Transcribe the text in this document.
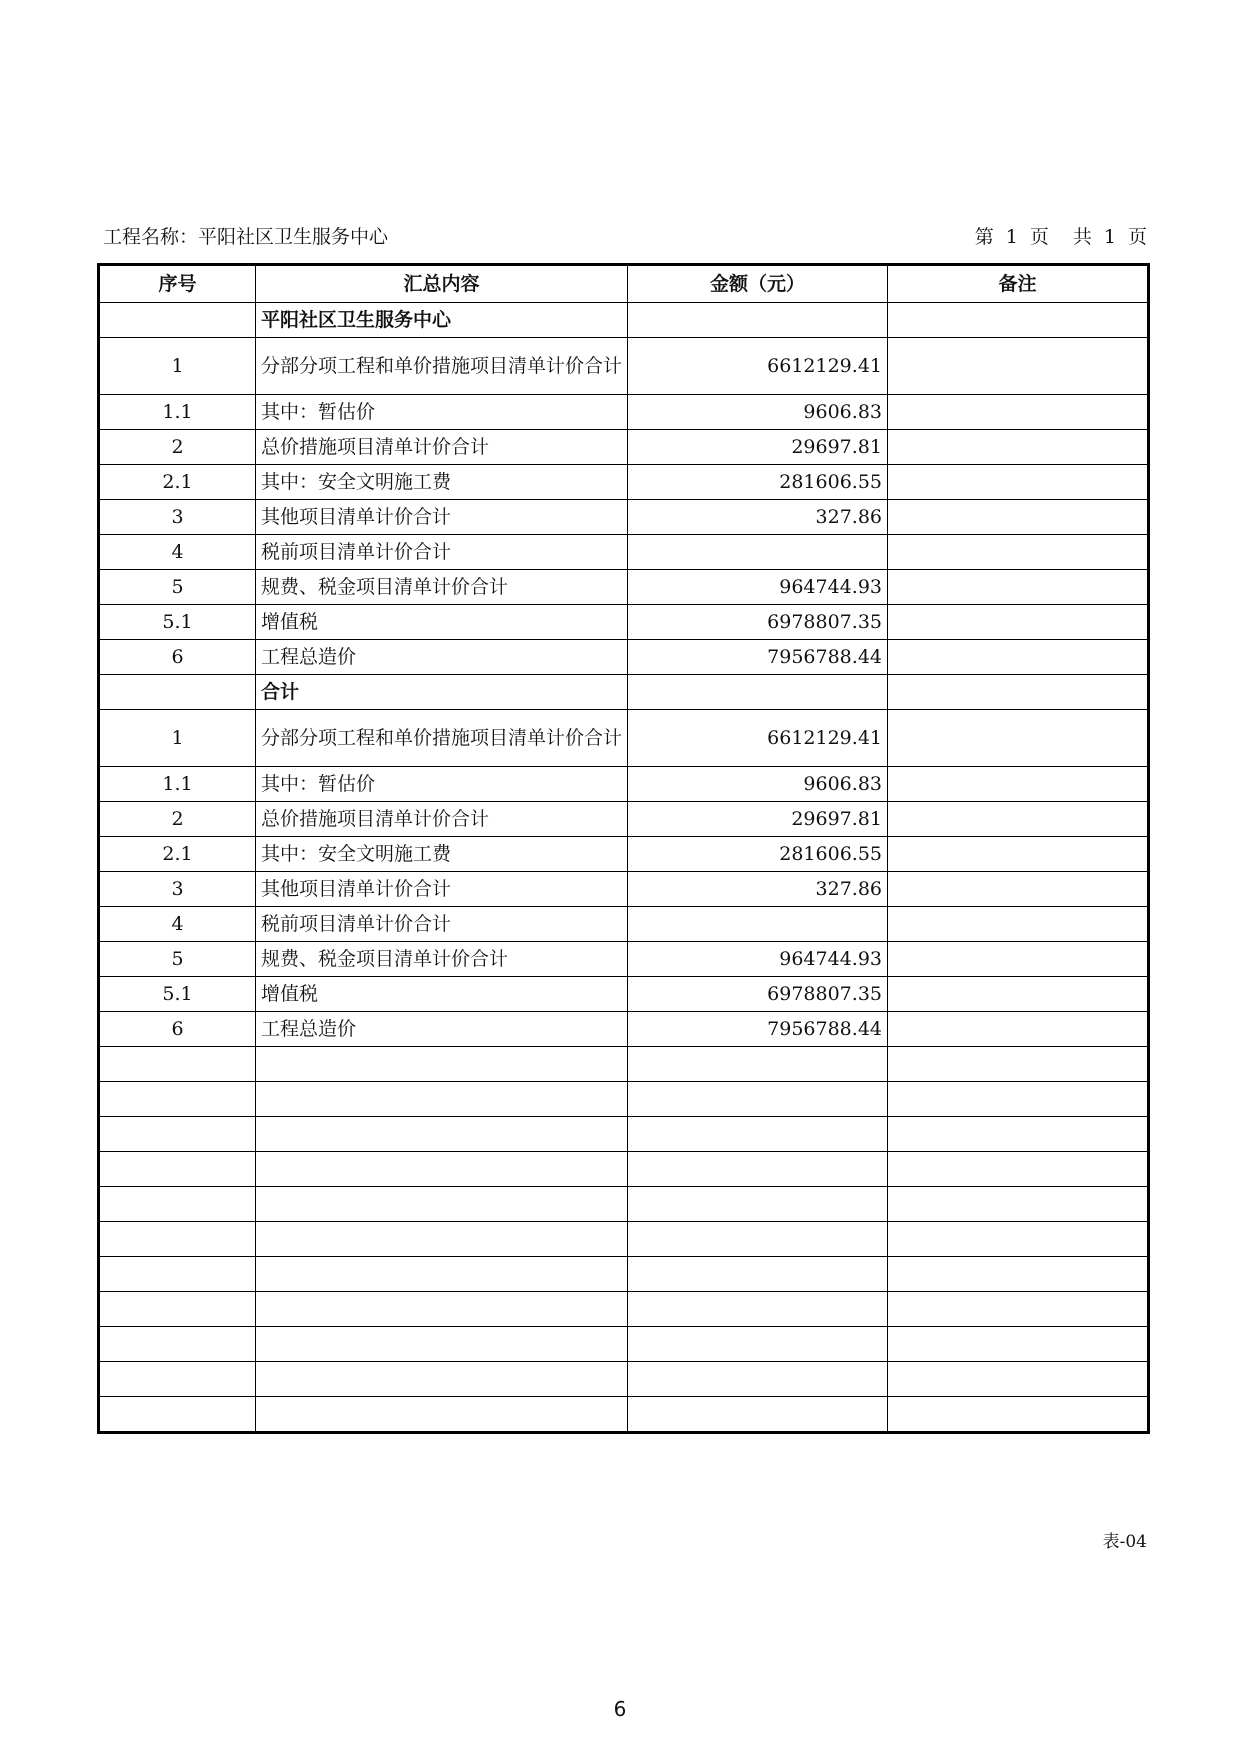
工程名称：平阳社区卫生服务中心	第 1 页 共 1 页
序号	汇总内容	金额（元）	备注
	平阳社区卫生服务中心		
1	分部分项工程和单价措施项目清单计价合计	6612129.41	
1.1	其中：暂估价	9606.83	
2	总价措施项目清单计价合计	29697.81	
2.1	其中：安全文明施工费	281606.55	
3	其他项目清单计价合计	327.86	
4	税前项目清单计价合计		
5	规费、税金项目清单计价合计	964744.93	
5.1	增值税	6978807.35	
6	工程总造价	7956788.44	
	合计		
1	分部分项工程和单价措施项目清单计价合计	6612129.41	
1.1	其中：暂估价	9606.83	
2	总价措施项目清单计价合计	29697.81	
2.1	其中：安全文明施工费	281606.55	
3	其他项目清单计价合计	327.86	
4	税前项目清单计价合计		
5	规费、税金项目清单计价合计	964744.93	
5.1	增值税	6978807.35	
6	工程总造价	7956788.44	

表-04
6
